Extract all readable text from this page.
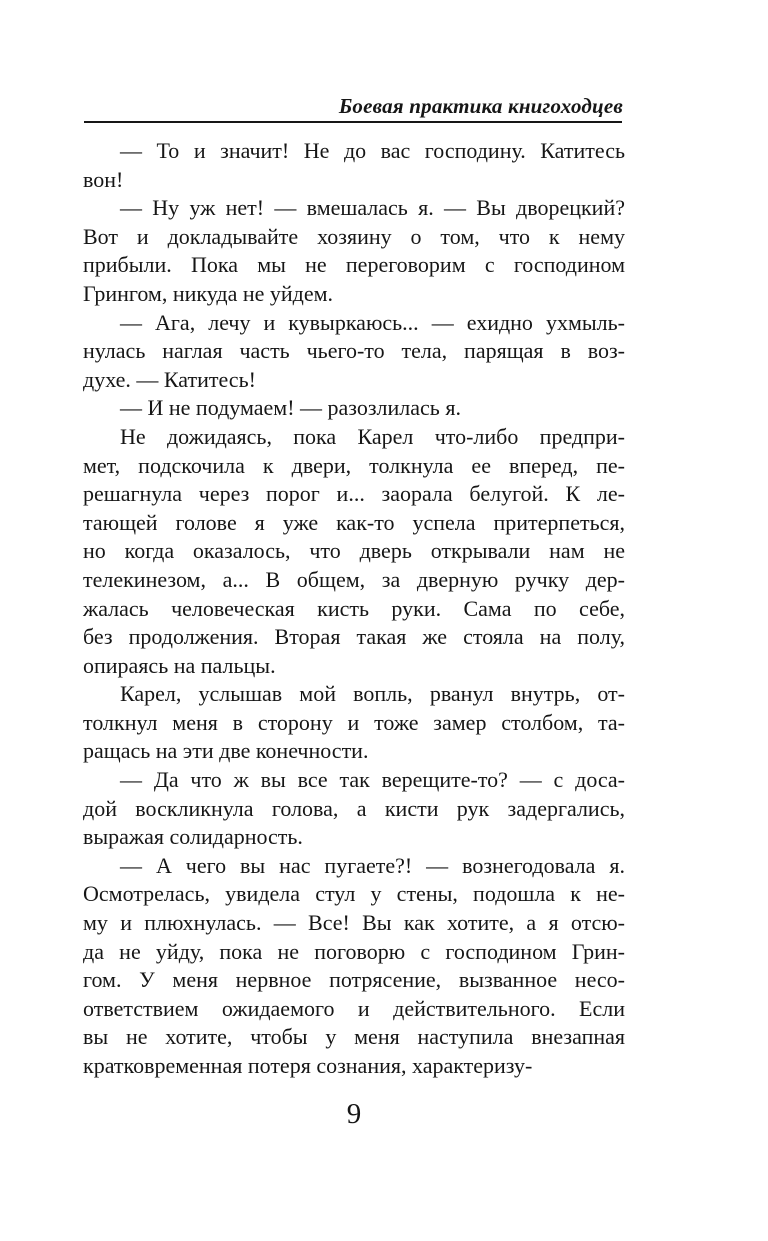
Боевая практика книгоходцев
— То и значит! Не до вас господину. Катитесь
вон!
— Ну уж нет! — вмешалась я. — Вы дворецкий?
Вот и докладывайте хозяину о том, что к нему
прибыли. Пока мы не переговорим с господином
Грингом, никуда не уйдем.
— Ага, лечу и кувыркаюсь... — ехидно ухмыль-
нулась наглая часть чьего-то тела, парящая в воз-
духе. — Катитесь!
— И не подумаем! — разозлилась я.
Не дожидаясь, пока Карел что-либо предпри-
мет, подскочила к двери, толкнула ее вперед, пе-
решагнула через порог и... заорала белугой. К ле-
тающей голове я уже как-то успела притерпеться,
но когда оказалось, что дверь открывали нам не
телекинезом, а... В общем, за дверную ручку дер-
жалась человеческая кисть руки. Сама по себе,
без продолжения. Вторая такая же стояла на полу,
опираясь на пальцы.
Карел, услышав мой вопль, рванул внутрь, от-
толкнул меня в сторону и тоже замер столбом, та-
ращась на эти две конечности.
— Да что ж вы все так верещите-то? — с доса-
дой воскликнула голова, а кисти рук задергались,
выражая солидарность.
— А чего вы нас пугаете?! — вознегодовала я.
Осмотрелась, увидела стул у стены, подошла к не-
му и плюхнулась. — Все! Вы как хотите, а я отсю-
да не уйду, пока не поговорю с господином Грин-
гом. У меня нервное потрясение, вызванное несо-
ответствием ожидаемого и действительного. Если
вы не хотите, чтобы у меня наступила внезапная
кратковременная потеря сознания, характеризу-
9
